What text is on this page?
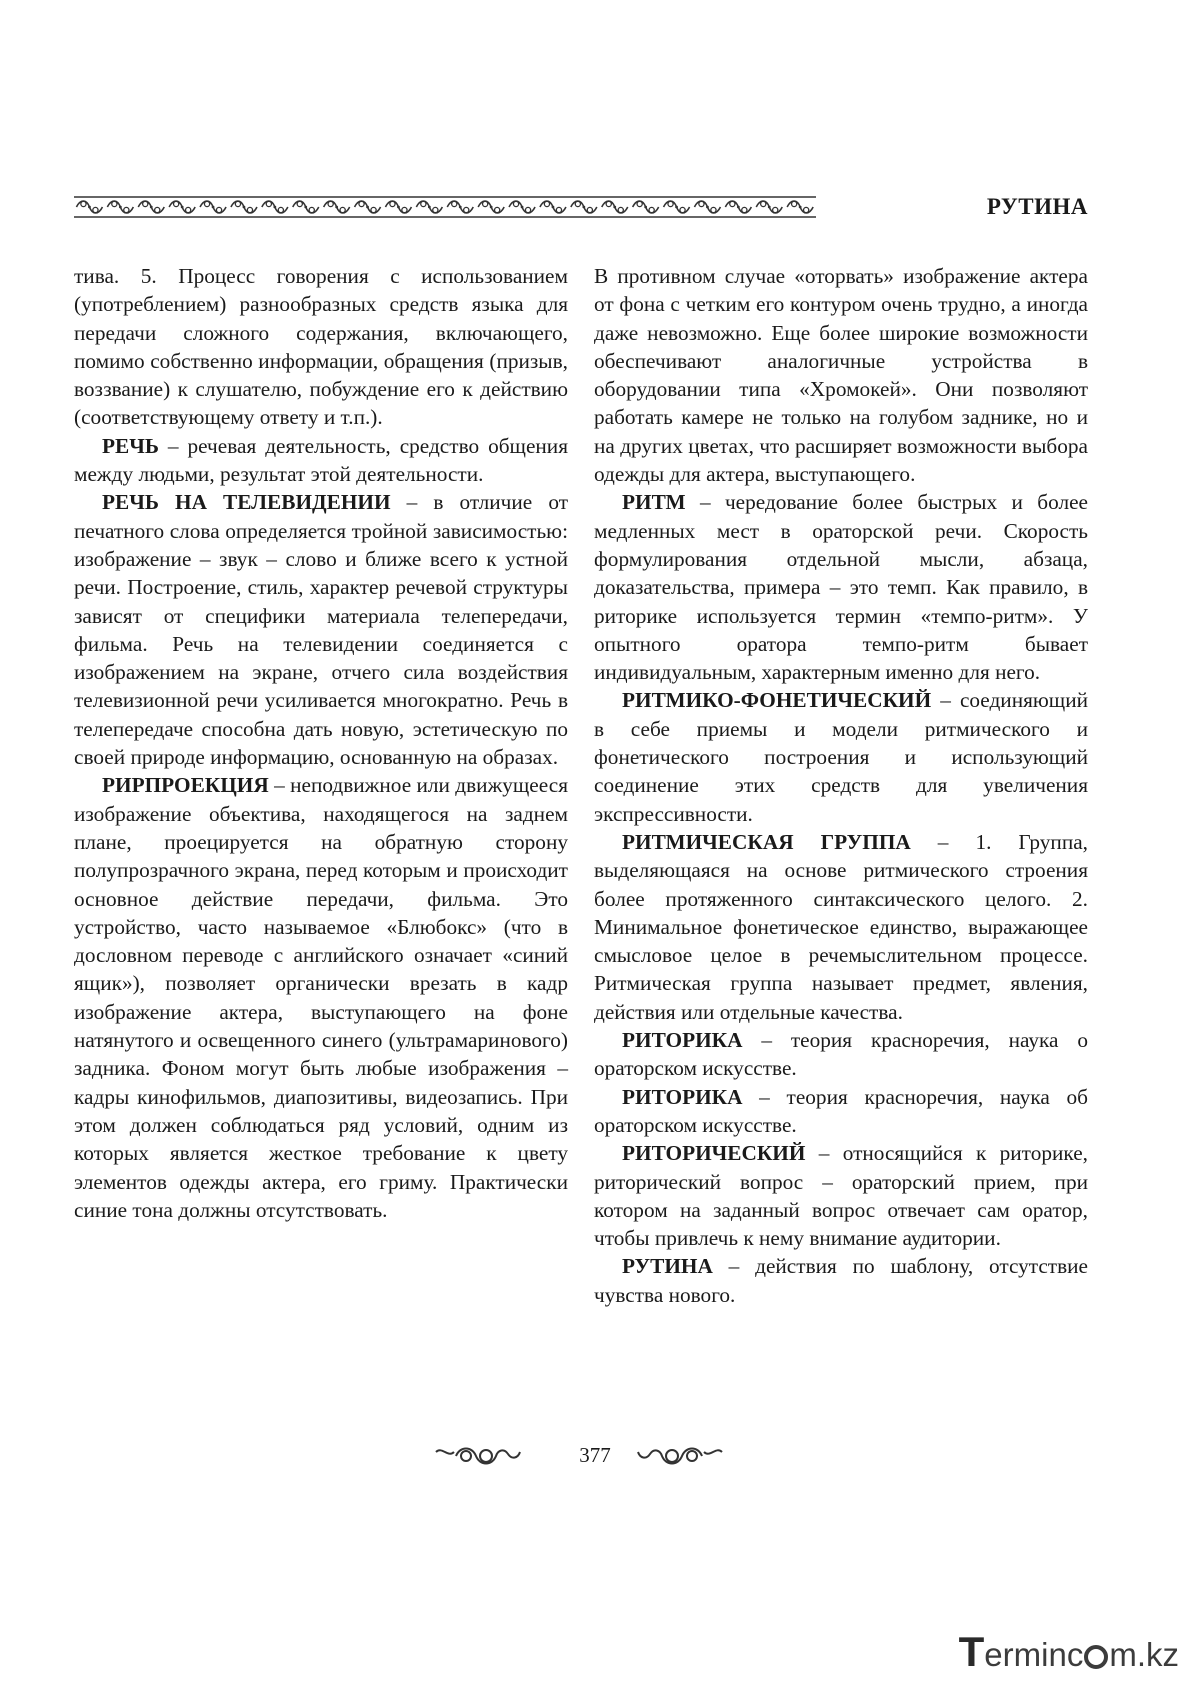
РУТИНА

тива. 5. Процесс говорения с использованием (употреблением) разнообразных средств языка для передачи сложного содержания, включающего, помимо собственно информации, обращения (призыв, воззвание) к слушателю, побуждение его к действию (соответствующему ответу и т.п.).

РЕЧЬ – речевая деятельность, средство общения между людьми, результат этой деятельности.

РЕЧЬ НА ТЕЛЕВИДЕНИИ – в отличие от печатного слова определяется тройной зависимостью: изображение – звук – слово и ближе всего к устной речи. Построение, стиль, характер речевой структуры зависят от специфики материала телепередачи, фильма. Речь на телевидении соединяется с изображением на экране, отчего сила воздействия телевизионной речи усиливается многократно. Речь в телепередаче способна дать новую, эстетическую по своей природе информацию, основанную на образах.

РИРПРОЕКЦИЯ – неподвижное или движущееся изображение объектива, находящегося на заднем плане, проецируется на обратную сторону полупрозрачного экрана, перед которым и происходит основное действие передачи, фильма. Это устройство, часто называемое «Блюбокс» (что в дословном переводе с английского означает «синий ящик»), позволяет органически врезать в кадр изображение актера, выступающего на фоне натянутого и освещенного синего (ультрамаринового) задника. Фоном могут быть любые изображения – кадры кинофильмов, диапозитивы, видеозапись. При этом должен соблюдаться ряд условий, одним из которых является жесткое требование к цвету элементов одежды актера, его гриму. Практически синие тона должны отсутствовать.

В противном случае «оторвать» изображение актера от фона с четким его контуром очень трудно, а иногда даже невозможно. Еще более широкие возможности обеспечивают аналогичные устройства в оборудовании типа «Хромокей». Они позволяют работать камере не только на голубом заднике, но и на других цветах, что расширяет возможности выбора одежды для актера, выступающего.

РИТМ – чередование более быстрых и более медленных мест в ораторской речи. Скорость формулирования отдельной мысли, абзаца, доказательства, примера – это темп. Как правило, в риторике используется термин «темпо-ритм». У опытного оратора темпо-ритм бывает индивидуальным, характерным именно для него.

РИТМИКО-ФОНЕТИЧЕСКИЙ – соединяющий в себе приемы и модели ритмического и фонетического построения и использующий соединение этих средств для увеличения экспрессивности.

РИТМИЧЕСКАЯ ГРУППА – 1. Группа, выделяющаяся на основе ритмического строения более протяженного синтаксического целого. 2. Минимальное фонетическое единство, выражающее смысловое целое в речемыслительном процессе. Ритмическая группа называет предмет, явления, действия или отдельные качества.

РИТОРИКА – теория красноречия, наука о ораторском искусстве.

РИТОРИКА – теория красноречия, наука об ораторском искусстве.

РИТОРИЧЕСКИЙ – относящийся к риторике, риторический вопрос – ораторский прием, при котором на заданный вопрос отвечает сам оратор, чтобы привлечь к нему внимание аудитории.

РУТИНА – действия по шаблону, отсутствие чувства нового.

377
Terminc m.kz
